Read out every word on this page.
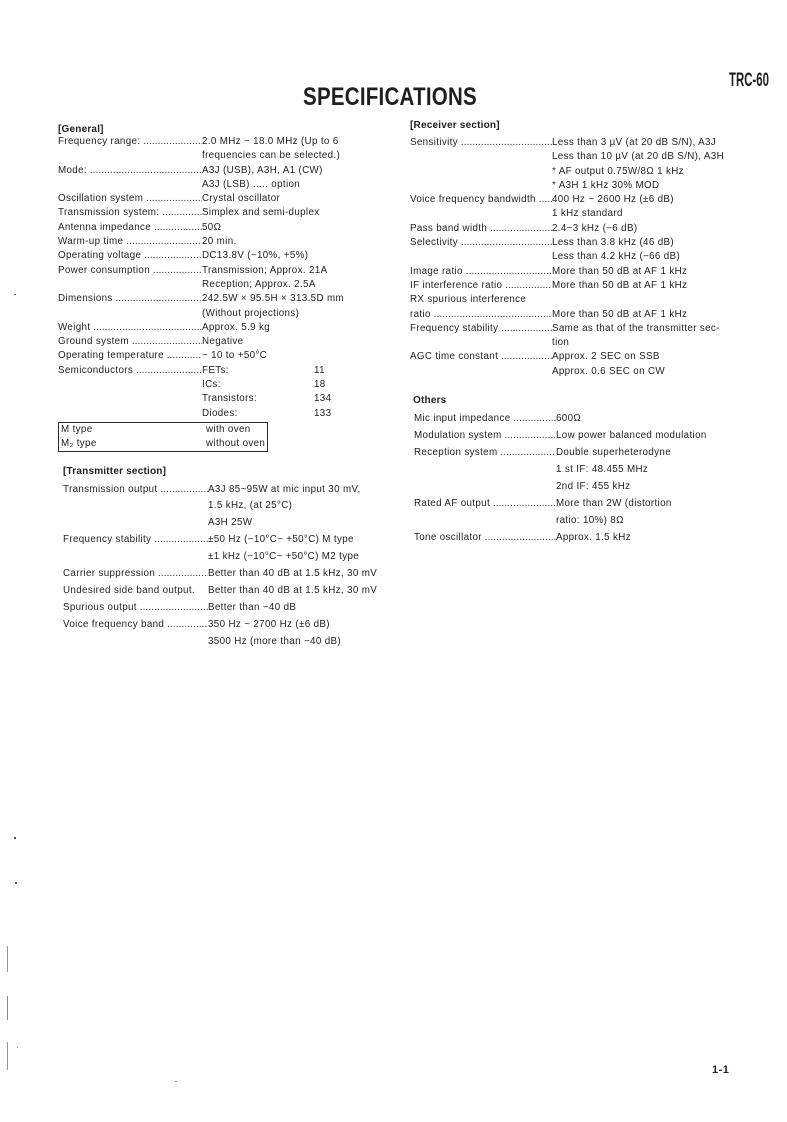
TRC-60
SPECIFICATIONS
[General]
Frequency range: .....	2.0 MHz ~ 18.0 MHz (Up to 6
frequencies can be selected.)
Mode: .....	A3J (USB), A3H, A1 (CW)
A3J (LSB) ..... option
Oscillation system .....	Crystal oscillator
Transmission system: .....	Simplex and semi-duplex
Antenna impedance .....	50Ω
Warm-up time .....	20 min.
Operating voltage .....	DC13.8V (−10%, +5%)
Power consumption .....	Transmission; Approx. 21A
Reception; Approx. 2.5A
Dimensions .....	242.5W × 95.5H × 313.5D mm
(Without projections)
Weight .....	Approx. 5.9 kg
Ground system .....	Negative
Operating temperature .....	− 10 to +50°C
Semiconductors .....	FETs:	11
ICs:	18
Transistors:	134
Diodes:	133
M type	with oven
M₂ type	without oven
[Transmitter section]
Transmission output .....	A3J 85~95W at mic input 30 mV,
1.5 kHz, (at 25°C)
A3H 25W
Frequency stability .....	±50 Hz (−10°C~ +50°C) M type
±1 kHz (−10°C~ +50°C) M2 type
Carrier suppression .....	Better than 40 dB at 1.5 kHz, 30 mV
Undesired side band output.	Better than 40 dB at 1.5 kHz, 30 mV
Spurious output .....	Better than −40 dB
Voice frequency band .....	350 Hz ~ 2700 Hz (±6 dB)
3500 Hz (more than −40 dB)
[Receiver section]
Sensitivity .....	Less than 3 µV (at 20 dB S/N), A3J
Less than 10 µV (at 20 dB S/N), A3H
* AF output 0.75W/8Ω 1 kHz
* A3H 1 kHz 30% MOD
Voice frequency bandwidth .....	400 Hz ~ 2600 Hz (±6 dB)
1 kHz standard
Pass band width .....	2.4~3 kHz (−6 dB)
Selectivity .....	Less than 3.8 kHz (46 dB)
Less than 4.2 kHz (−66 dB)
Image ratio .....	More than 50 dB at AF 1 kHz
IF interference ratio .....	More than 50 dB at AF 1 kHz
RX spurious interference
ratio .....	More than 50 dB at AF 1 kHz
Frequency stability .....	Same as that of the transmitter sec-
tion
AGC time constant .....	Approx. 2 SEC on SSB
Approx. 0.6 SEC on CW
Others
Mic input impedance .....	600Ω
Modulation system .....	Low power balanced modulation
Reception system .....	Double superheterodyne
1 st IF: 48.455 MHz
2nd IF: 455 kHz
Rated AF output .....	More than 2W (distortion
ratio: 10%) 8Ω
Tone oscillator .....	Approx. 1.5 kHz
1-1
